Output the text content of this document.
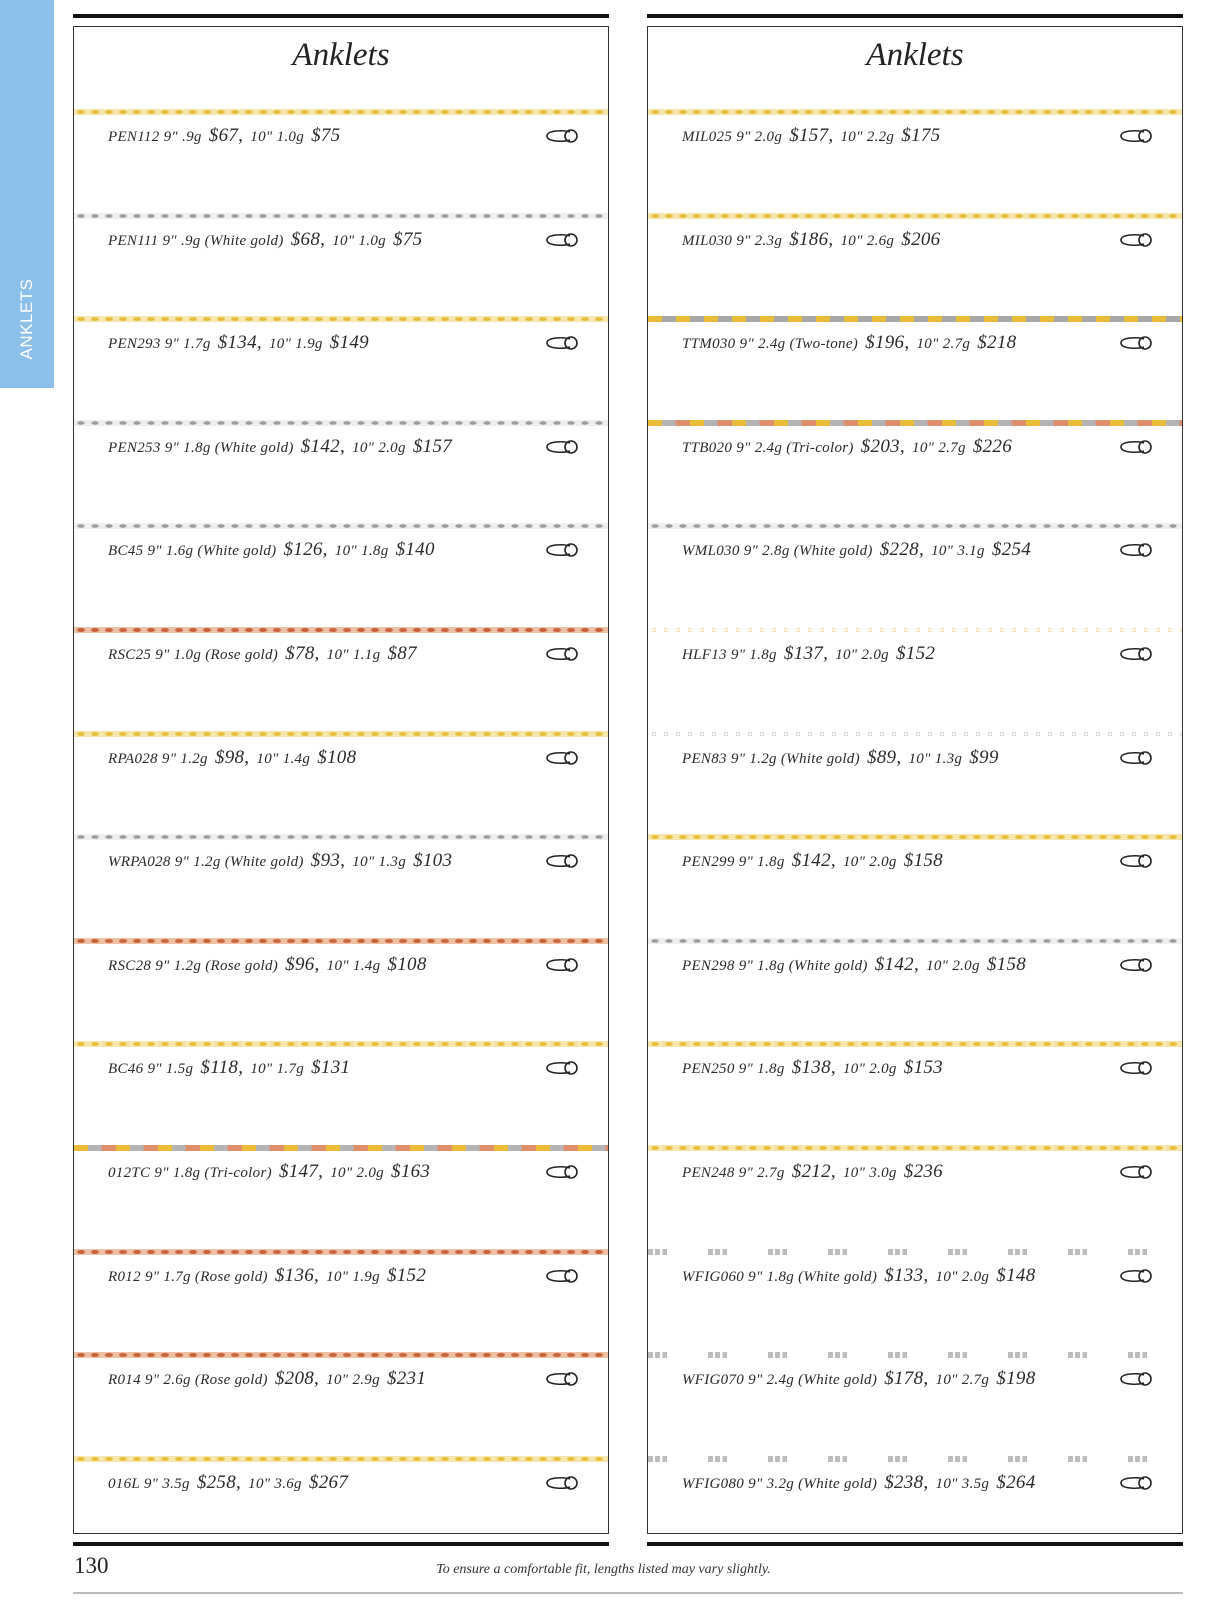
ANKLETS
Anklets
PEN112 9" .9g $67, 10" 1.0g $75
PEN111 9" .9g (White gold) $68, 10" 1.0g $75
PEN293 9" 1.7g $134, 10" 1.9g $149
PEN253 9" 1.8g (White gold) $142, 10" 2.0g $157
BC45 9" 1.6g (White gold) $126, 10" 1.8g $140
RSC25 9" 1.0g (Rose gold) $78, 10" 1.1g $87
RPA028 9" 1.2g $98, 10" 1.4g $108
WRPA028 9" 1.2g (White gold) $93, 10" 1.3g $103
RSC28 9" 1.2g (Rose gold) $96, 10" 1.4g $108
BC46 9" 1.5g $118, 10" 1.7g $131
012TC 9" 1.8g (Tri-color) $147, 10" 2.0g $163
R012 9" 1.7g (Rose gold) $136, 10" 1.9g $152
R014 9" 2.6g (Rose gold) $208, 10" 2.9g $231
016L 9" 3.5g $258, 10" 3.6g $267
Anklets
MIL025 9" 2.0g $157, 10" 2.2g $175
MIL030 9" 2.3g $186, 10" 2.6g $206
TTM030 9" 2.4g (Two-tone) $196, 10" 2.7g $218
TTB020 9" 2.4g (Tri-color) $203, 10" 2.7g $226
WML030 9" 2.8g (White gold) $228, 10" 3.1g $254
HLF13 9" 1.8g $137, 10" 2.0g $152
PEN83 9" 1.2g (White gold) $89, 10" 1.3g $99
PEN299 9" 1.8g $142, 10" 2.0g $158
PEN298 9" 1.8g (White gold) $142, 10" 2.0g $158
PEN250 9" 1.8g $138, 10" 2.0g $153
PEN248 9" 2.7g $212, 10" 3.0g $236
WFIG060 9" 1.8g (White gold) $133, 10" 2.0g $148
WFIG070 9" 2.4g (White gold) $178, 10" 2.7g $198
WFIG080 9" 3.2g (White gold) $238, 10" 3.5g $264
130	To ensure a comfortable fit, lengths listed may vary slightly.
